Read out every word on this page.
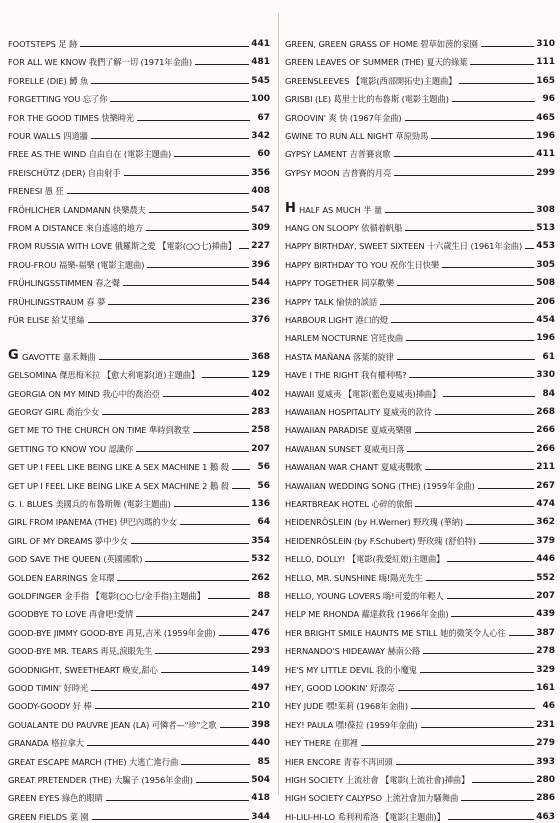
FOOTSTEPS 足 跡	441
FOR ALL WE KNOW 我們了解一切 (1971年金曲)	481
FORELLE (DIE) 鱒 魚	545
FORGETTING YOU 忘了你	100
FOR THE GOOD TIMES 快樂時光	67
FOUR WALLS 四道牆	342
FREE AS THE WIND 自由自在 (電影主題曲)	60
FREISCHÜTZ (DER) 自由射手	356
FRENESI 愚 狂	408
FRÖHLICHER LANDMANN 快樂農夫	547
FROM A DISTANCE 來自遙遠的地方	309
FROM RUSSIA WITH LOVE 俄羅斯之愛 【電影(○○七)揷曲】 227
FROU-FROU 福樂-福樂 (電影主題曲)	396
FRÜHLINGSSTIMMEN 春之聲	544
FRÜHLINGSTRAUM 春 夢	236
FÜR ELISE 給艾里絲	376
G GAVOTTE 嘉禾舞曲	368
GELSOMINA 傑思梅米拉 【愈大利電影(道)主題曲】	129
GEORGIA ON MY MIND 我心中的喬治亞	402
GEORGY GIRL 喬治少女	283
GET ME TO THE CHURCH ON TIME 準時到教堂	258
GETTING TO KNOW YOU 認識你	207
GET UP I FEEL LIKE BEING LIKE A SEX MACHINE 1 鵝 殺	56
GET UP I FEEL LIKE BEING LIKE A SEX MACHINE 2 鵝 殺	56
G. I. BLUES 美國兵的布魯斯舞 (電影主題曲)	136
GIRL FROM IPANEMA (THE) 伊巴內瑪的少女	64
GIRL OF MY DREAMS 夢中少女	354
GOD SAVE THE QUEEN (英國國歌)	532
GOLDEN EARRINGS 金耳環	262
GOLDFINGER 金手指 【電影(○○七/金手指)主題曲】	88
GOODBYE TO LOVE 再會吧!愛情	247
GOOD-BYE JIMMY GOOD-BYE 再見,吉米 (1959年金曲)	476
GOOD-BYE MR. TEARS 再見,淚眼先生	293
GOODNIGHT, SWEETHEART 晚安,甜心	149
GOOD TIMIN' 好時光	497
GOODY-GOODY 好 棒	210
GOUALANTE DU PAUVRE JEAN (LA) 可憐者—"珍"之歌	398
GRANADA 格拉拿大	440
GREAT ESCAPE MARCH (THE) 大逃亡進行曲	85
GREAT PRETENDER (THE) 大騙子 (1956年金曲)	504
GREEN EYES 綠色的眼睛	418
GREEN FIELDS 菜 園	344
GREEN, GREEN GRASS OF HOME 碧草如茵的家園	310
GREEN LEAVES OF SUMMER (THE) 夏天的綠葉	111
GREENSLEEVES 【電影(西部開拓史)主題曲】	165
GRISBI (LE) 葛里士比的布魯斯 (電影主題曲)	96
GROOVIN' 爽 快 (1967年金曲)	465
GWINE TO RUN ALL NIGHT 草原勁馬	196
GYPSY LAMENT 吉普賽哀歌	411
GYPSY MOON 吉普賽的月亮	299
H HALF AS MUCH 半 量	308
HANG ON SLOOPY 依循着帆船	513
HAPPY BIRTHDAY, SWEET SIXTEEN 十六歲生日 (1961年金曲) 453
HAPPY BIRTHDAY TO YOU 祝你生日快樂	305
HAPPY TOGETHER 同享歡樂	508
HAPPY TALK 愉快的談話	206
HARBOUR LIGHT 港口的燈	454
HARLEM NOCTURNE 宮廷夜曲	196
HASTA MAÑANA 落葉的旋律	61
HAVE I THE RIGHT 我有權利嗎?	330
HAWAII 夏威夷 【電影(藍色夏威夷)揷曲】	84
HAWAIIAN HOSPITALITY 夏威夷的款待	268
HAWAIIAN PARADISE 夏威夷樂園	266
HAWAIIAN SUNSET 夏威夷日落	266
HAWAIIAN WAR CHANT 夏威夷戰歌	211
HAWAIIAN WEDDING SONG (THE) (1959年金曲)	267
HEARTBREAK HOTEL 心碎的旅館	474
HEIDENRÖSLEIN (by H.Werner) 野玫瑰 (華納)	362
HEIDENRÖSLEIN (by F.Schubert) 野玫瑰 (舒伯特)	379
HELLO, DOLLY! 【電影(我愛紅娘)主題曲】	446
HELLO, MR. SUNSHINE 嗨!陽光先生	552
HELLO, YOUNG LOVERS 嗨!可愛的年輕人	207
HELP ME RHONDA 蘿達救我 (1966年金曲)	439
HER BRIGHT SMILE HAUNTS ME STILL 她的微笑令人心往	387
HERNANDO'S HIDEAWAY 赫南公路	278
HE'S MY LITTLE DEVIL 我的小魔鬼	329
HEY, GOOD LOOKIN' 好漂亮	161
HEY JUDE 嘿!茱莉 (1968年金曲)	46
HEY! PAULA 嘿!葆拉 (1959年金曲)	231
HEY THERE 在那裡	279
HIER ENCORE 青春不再回頭	393
HIGH SOCIETY 上流社會 【電影(上流社會)揷曲】	280
HIGH SOCIETY CALYPSO 上流社會加力騷舞曲	286
HI-LILI-HI-LO 希利利希洛 【電影(主題曲)】	463
